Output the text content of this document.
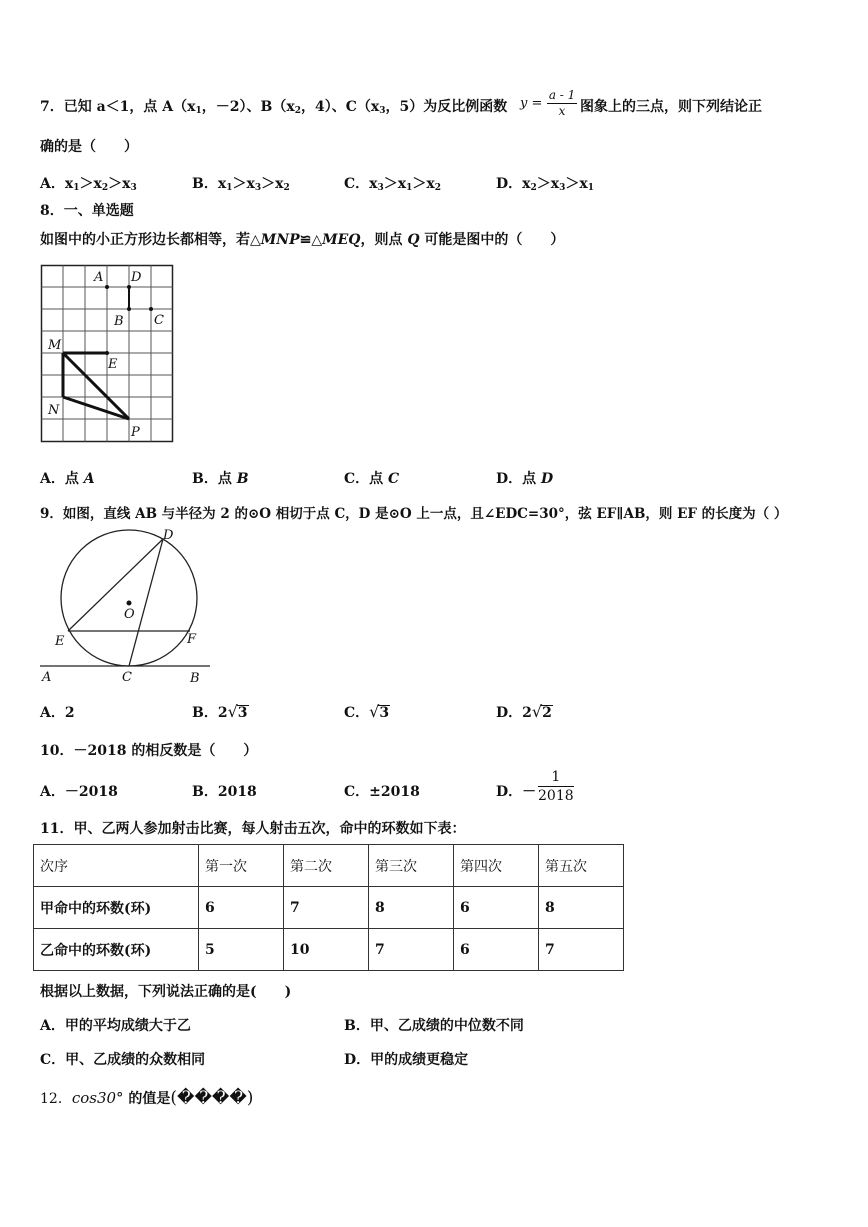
7．已知 a＜1，点 $A(x_1$，－2）、$B(x_2$，4）、$C(x_3$，5）为反比例函数 $y = \frac{a - 1}{x}$ 图象上的三点，则下列结论正
确的是（　　）
A．$x_1>x_2>x_3$	B．$x_1>x_3>x_2$	C．$x_3>x_1>x_2$	D．$x_2>x_3>x_1$
8．一、单选题
如图中的小正方形边长都相等，若△MNP≌△MEQ，则点 Q 可能是图中的（　　）
A D
B C
M
E
N
P
A．点 A	B．点 B	C．点 C	D．点 D
9．如图，直线 AB 与半径为 2 的⊙O 相切于点 C，D 是⊙O 上一点，且∠EDC=30°，弦 EF∥AB，则 EF 的长度为（ ）
D
O
E	F
A	C	B
A．2	B．2√3	C．√3	D．2√2
10．－2018 的相反数是（　　）
A．－2018	B．2018	C．±2018	D．－ $\frac{1}{2018}$
11．甲、乙两人参加射击比赛，每人射击五次，命中的环数如下表：
次序	第一次	第二次	第三次	第四次	第五次
甲命中的环数(环)	6	7	8	6	8
乙命中的环数(环)	5	10	7	6	7
根据以上数据，下列说法正确的是(　　)
A．甲的平均成绩大于乙	B．甲、乙成绩的中位数不同
C．甲、乙成绩的众数相同	D．甲的成绩更稳定
12．cos30° 的值是(����)
